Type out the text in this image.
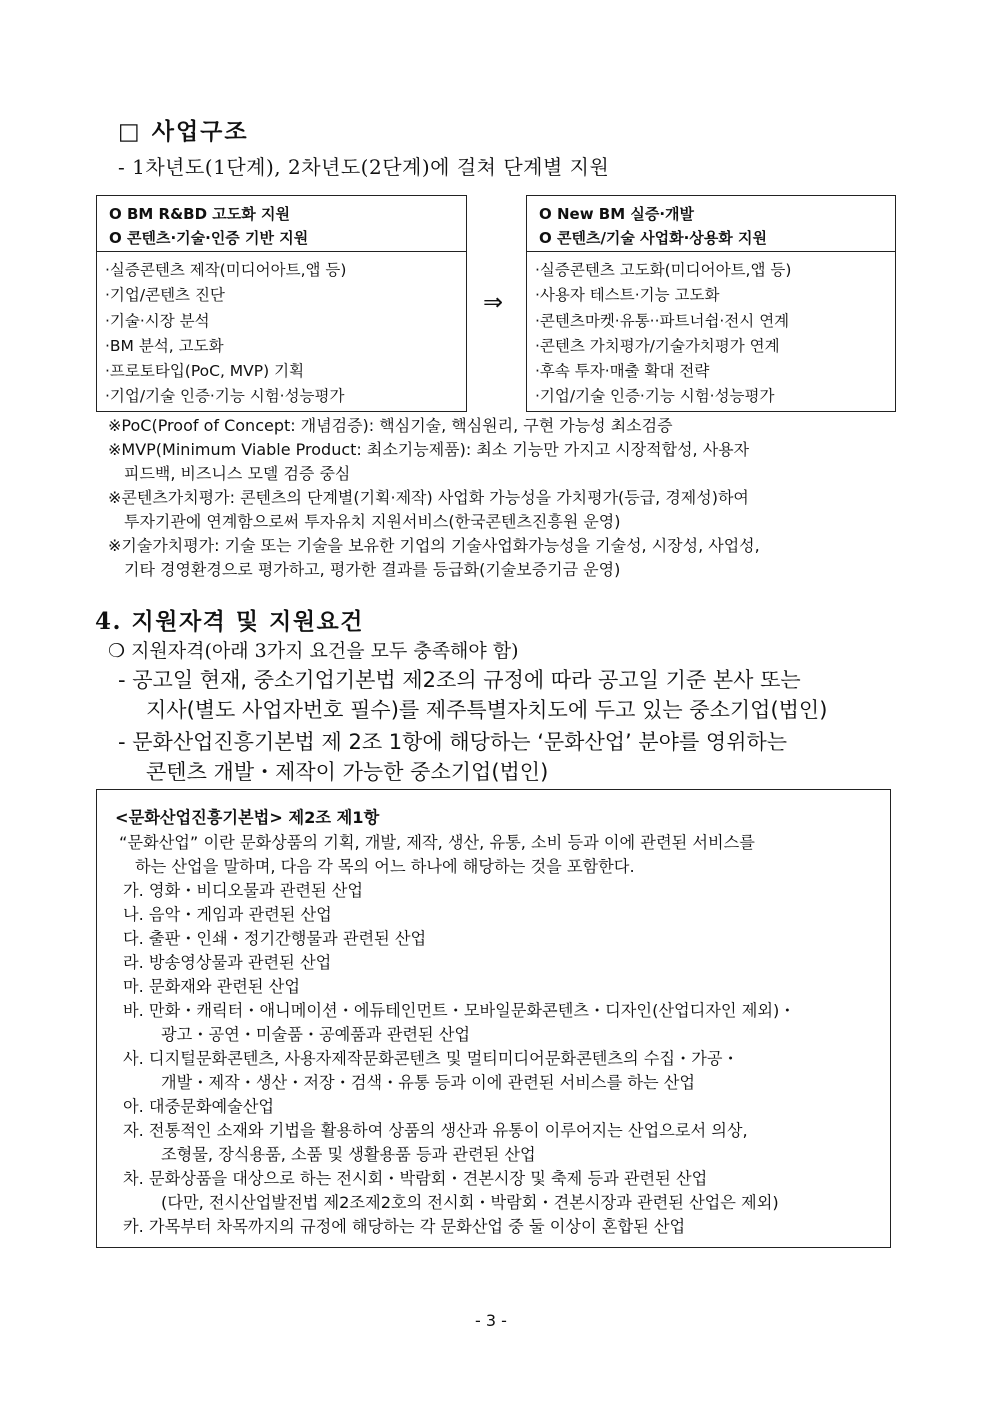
□ 사업구조
- 1차년도(1단계), 2차년도(2단계)에 걸쳐 단계별 지원
O BM R&BD 고도화 지원
O 콘텐츠·기술·인증 기반 지원
·실증콘텐츠 제작(미디어아트,앱 등)
·기업/콘텐츠 진단
·기술·시장 분석
·BM 분석, 고도화
·프로토타입(PoC, MVP) 기획
·기업/기술 인증·기능 시험·성능평가
⇒
O New BM 실증·개발
O 콘텐츠/기술 사업화·상용화 지원
·실증콘텐츠 고도화(미디어아트,앱 등)
·사용자 테스트·기능 고도화
·콘텐츠마켓·유통··파트너쉽·전시 연계
·콘텐츠 가치평가/기술가치평가 연계
·후속 투자·매출 확대 전략
·기업/기술 인증·기능 시험·성능평가
※PoC(Proof of Concept: 개념검증): 핵심기술, 핵심원리, 구현 가능성 최소검증
※MVP(Minimum Viable Product: 최소기능제품): 최소 기능만 가지고 시장적합성, 사용자
피드백, 비즈니스 모델 검증 중심
※콘텐츠가치평가: 콘텐츠의 단계별(기획·제작) 사업화 가능성을 가치평가(등급, 경제성)하여
투자기관에 연계함으로써 투자유치 지원서비스(한국콘텐츠진흥원 운영)
※기술가치평가: 기술 또는 기술을 보유한 기업의 기술사업화가능성을 기술성, 시장성, 사업성,
기타 경영환경으로 평가하고, 평가한 결과를 등급화(기술보증기금 운영)
4. 지원자격 및 지원요건
❍ 지원자격(아래 3가지 요건을 모두 충족해야 함)
- 공고일 현재, 중소기업기본법 제2조의 규정에 따라 공고일 기준 본사 또는
지사(별도 사업자번호 필수)를 제주특별자치도에 두고 있는 중소기업(법인)
- 문화산업진흥기본법 제 2조 1항에 해당하는 ‘문화산업’ 분야를 영위하는
콘텐츠 개발・제작이 가능한 중소기업(법인)
<문화산업진흥기본법> 제2조 제1항
“문화산업” 이란 문화상품의 기획, 개발, 제작, 생산, 유통, 소비 등과 이에 관련된 서비스를
하는 산업을 말하며, 다음 각 목의 어느 하나에 해당하는 것을 포함한다.
가. 영화・비디오물과 관련된 산업
나. 음악・게임과 관련된 산업
다. 출판・인쇄・정기간행물과 관련된 산업
라. 방송영상물과 관련된 산업
마. 문화재와 관련된 산업
바. 만화・캐릭터・애니메이션・에듀테인먼트・모바일문화콘텐츠・디자인(산업디자인 제외)・
광고・공연・미술품・공예품과 관련된 산업
사. 디지털문화콘텐츠, 사용자제작문화콘텐츠 및 멀티미디어문화콘텐츠의 수집・가공・
개발・제작・생산・저장・검색・유통 등과 이에 관련된 서비스를 하는 산업
아. 대중문화예술산업
자. 전통적인 소재와 기법을 활용하여 상품의 생산과 유통이 이루어지는 산업으로서 의상,
조형물, 장식용품, 소품 및 생활용품 등과 관련된 산업
차. 문화상품을 대상으로 하는 전시회・박람회・견본시장 및 축제 등과 관련된 산업
(다만, 전시산업발전법 제2조제2호의 전시회・박람회・견본시장과 관련된 산업은 제외)
카. 가목부터 차목까지의 규정에 해당하는 각 문화산업 중 둘 이상이 혼합된 산업
- 3 -
